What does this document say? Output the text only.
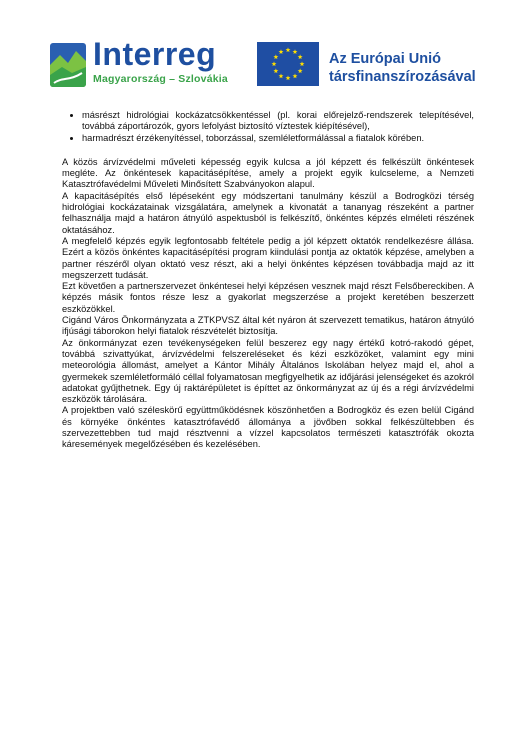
Interreg
Magyarország – Szlovákia
Az Európai Unió
társfinanszírozásával
• másrészt hidrológiai kockázatcsökkentéssel (pl. korai előrejelző-rendszerek telepítésével, továbbá záportározók, gyors lefolyást biztosító víztestek kiépítésével),
• harmadrészt érzékenyítéssel, toborzással, szemléletformálással a fiatalok körében.

A közös árvízvédelmi műveleti képesség egyik kulcsa a jól képzett és felkészült önkéntesek megléte. Az önkéntesek kapacitásépítése, amely a projekt egyik kulcseleme, a Nemzeti Katasztrófavédelmi Műveleti Minősített Szabványokon alapul.

A kapacitásépítés első lépéseként egy módszertani tanulmány készül a Bodrogközi térség hidrológiai kockázatainak vizsgálatára, amelynek a kivonatát a tananyag részeként a partner felhasználja majd a határon átnyúló aspektusból is felkészítő, önkéntes képzés elméleti részének oktatásához.

A megfelelő képzés egyik legfontosabb feltétele pedig a jól képzett oktatók rendelkezésre állása. Ezért a közös önkéntes kapacitásépítési program kiindulási pontja az oktatók képzése, amelyben a partner részéről olyan oktató vesz részt, aki a helyi önkéntes képzésen továbbadja majd az itt megszerzett tudását.

Ezt követően a partnerszervezet önkéntesei helyi képzésen vesznek majd részt Felsőbereckiben. A képzés másik fontos része lesz a gyakorlat megszerzése a projekt keretében beszerzett eszközökkel.

Cigánd Város Önkormányzata a ZTKPVSZ által két nyáron át szervezett tematikus, határon átnyúló ifjúsági táborokon helyi fiatalok részvételét biztosítja.

Az önkormányzat ezen tevékenységeken felül beszerez egy nagy értékű kotró-rakodó gépet, továbbá szivattyúkat, árvízvédelmi felszereléseket és kézi eszközöket, valamint egy mini meteorológia állomást, amelyet a Kántor Mihály Általános Iskolában helyez majd el, ahol a gyermekek szemléletformáló céllal folyamatosan megfigyelhetik az időjárási jelenségeket és azokról adatokat gyűjthetnek. Egy új raktárépületet is építtet az önkormányzat az új és a régi árvízvédelmi eszközök tárolására.

A projektben való széleskörű együttműködésnek köszönhetően a Bodrogköz és ezen belül Cigánd és környéke önkéntes katasztrófavédő állománya a jövőben sokkal felkészültebben és szervezettebben tud majd résztvenni a vízzel kapcsolatos természeti katasztrófák okozta káresemények megelőzésében és kezelésében.
